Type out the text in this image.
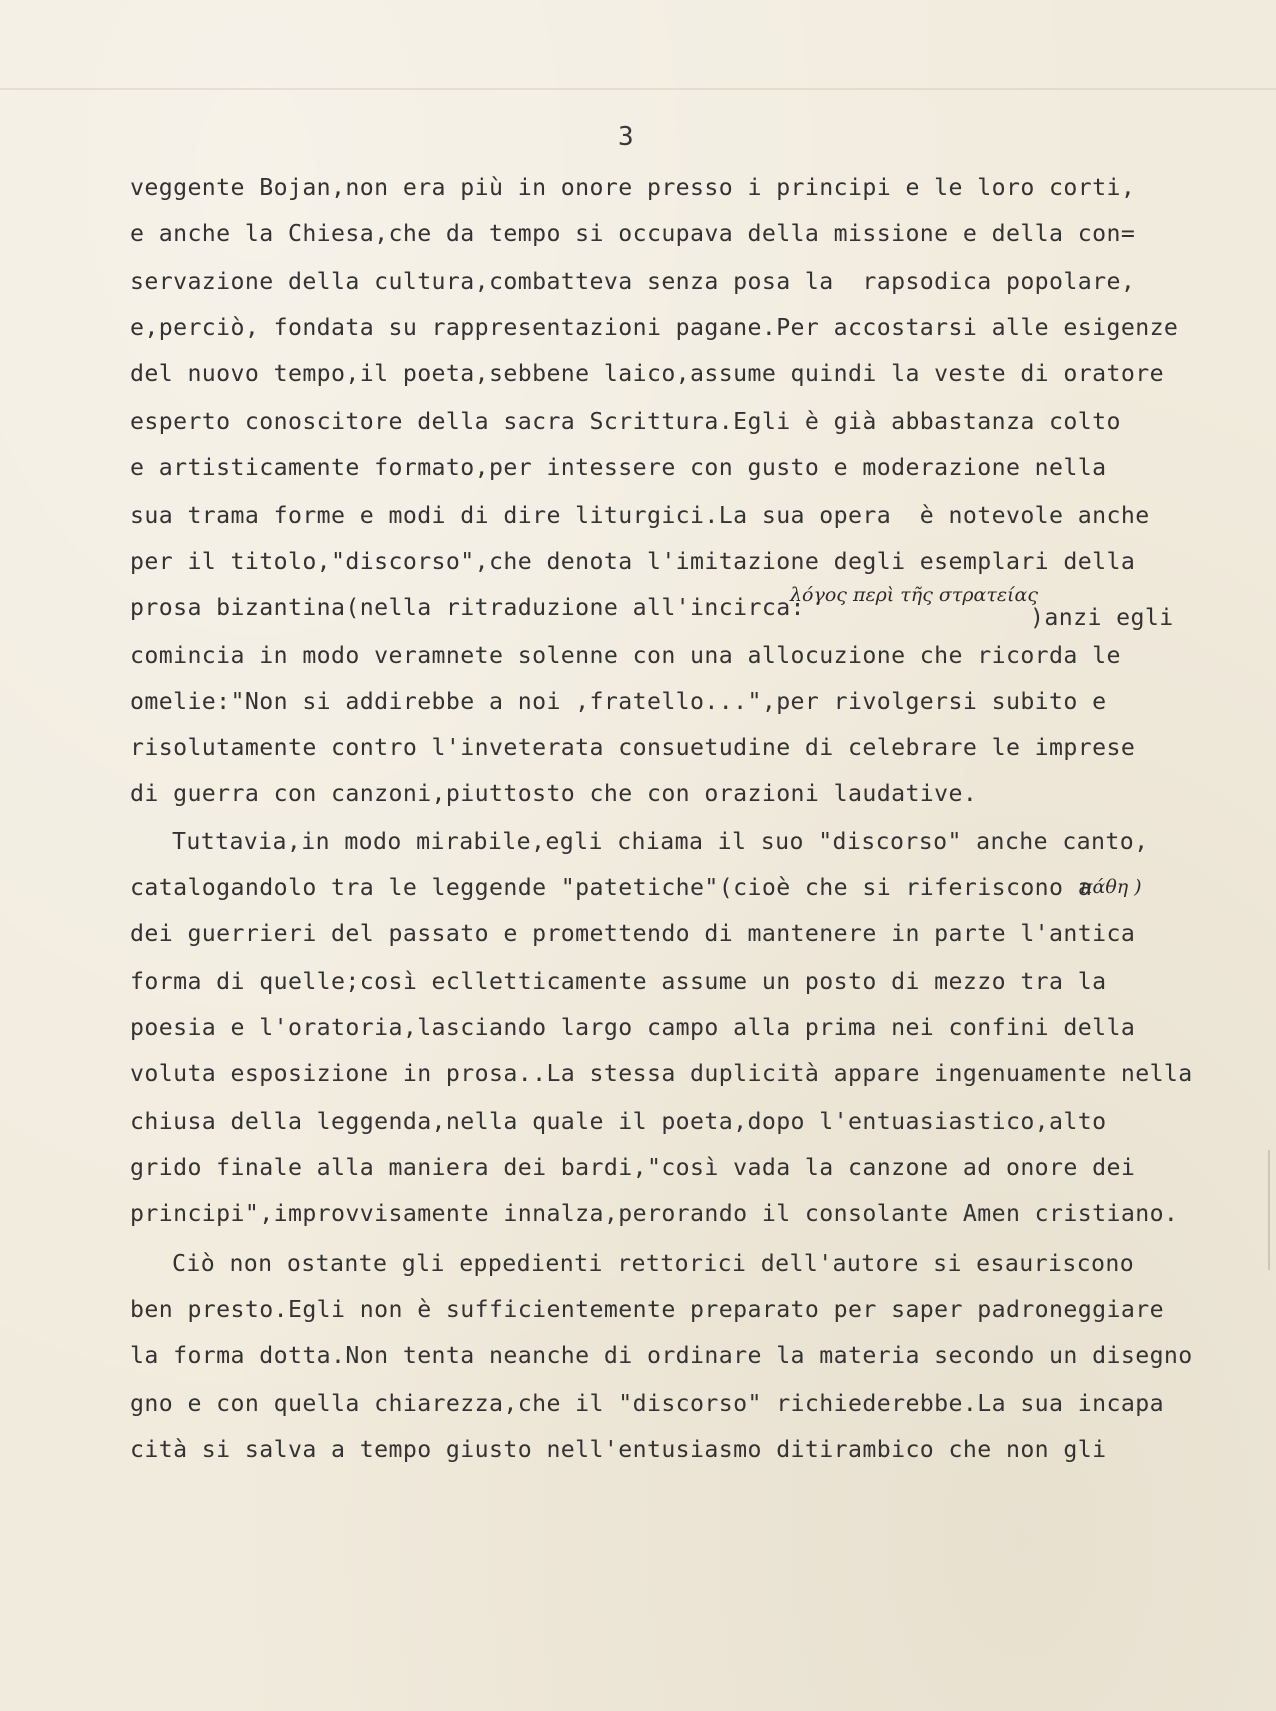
3
veggente Bojan,non era più in onore presso i principi e le loro corti,
e anche la Chiesa,che da tempo si occupava della missione e della con=
servazione della cultura,combatteva senza posa la  rapsodica popolare,
e,perciò, fondata su rappresentazioni pagane.Per accostarsi alle esigenze
del nuovo tempo,il poeta,sebbene laico,assume quindi la veste di oratore
esperto conoscitore della sacra Scrittura.Egli è già abbastanza colto
e artisticamente formato,per intessere con gusto e moderazione nella
sua trama forme e modi di dire liturgici.La sua opera  è notevole anche
per il titolo,"discorso",che denota l'imitazione degli esemplari della
prosa bizantina(nella ritraduzione all'incirca:
λόγος περὶ τῆς στρατείας
)anzi egli
comincia in modo veramnete solenne con una allocuzione che ricorda le
omelie:"Non si addirebbe a noi ,fratello...",per rivolgersi subito e
risolutamente contro l'inveterata consuetudine di celebrare le imprese
di guerra con canzoni,piuttosto che con orazioni laudative.
Tuttavia,in modo mirabile,egli chiama il suo "discorso" anche canto,
catalogandolo tra le leggende "patetiche"(cioè che si riferiscono a
πάθη )
dei guerrieri del passato e promettendo di mantenere in parte l'antica
forma di quelle;così eclletticamente assume un posto di mezzo tra la
poesia e l'oratoria,lasciando largo campo alla prima nei confini della
voluta esposizione in prosa..La stessa duplicità appare ingenuamente nella
chiusa della leggenda,nella quale il poeta,dopo l'entuasiastico,alto
grido finale alla maniera dei bardi,"così vada la canzone ad onore dei
principi",improvvisamente innalza,perorando il consolante Amen cristiano.
Ciò non ostante gli eppedienti rettorici dell'autore si esauriscono
ben presto.Egli non è sufficientemente preparato per saper padroneggiare
la forma dotta.Non tenta neanche di ordinare la materia secondo un disegno
gno e con quella chiarezza,che il "discorso" richiederebbe.La sua incapa
cità si salva a tempo giusto nell'entusiasmo ditirambico che non gli
